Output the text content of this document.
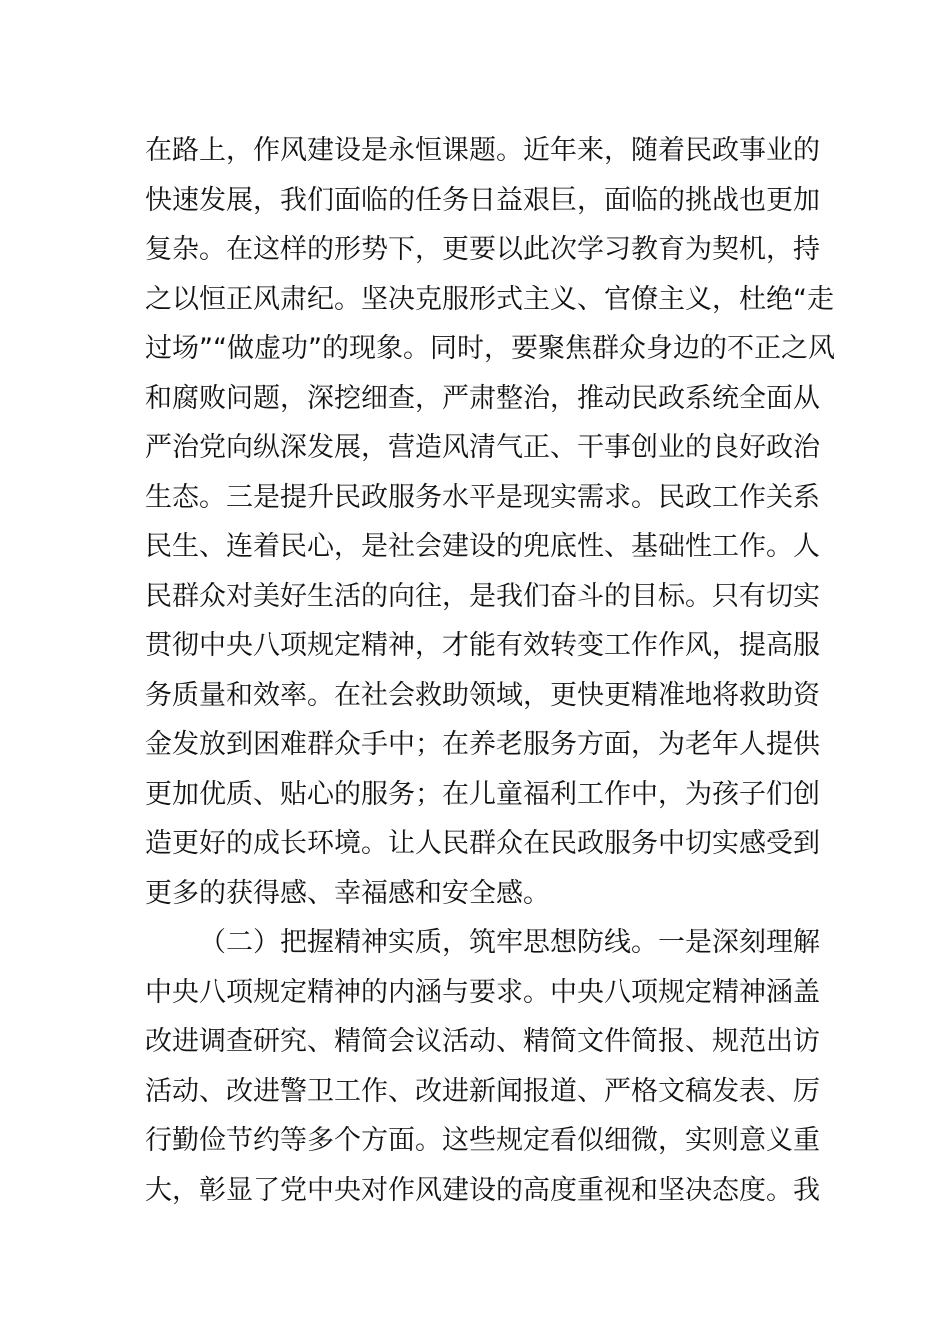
在路上，作风建设是永恒课题。近年来，随着民政事业的
快速发展，我们面临的任务日益艰巨，面临的挑战也更加
复杂。在这样的形势下，更要以此次学习教育为契机，持
之以恒正风肃纪。坚决克服形式主义、官僚主义，杜绝“走
过场”“做虚功”的现象。同时，要聚焦群众身边的不正之风
和腐败问题，深挖细查，严肃整治，推动民政系统全面从
严治党向纵深发展，营造风清气正、干事创业的良好政治
生态。三是提升民政服务水平是现实需求。民政工作关系
民生、连着民心，是社会建设的兜底性、基础性工作。人
民群众对美好生活的向往，是我们奋斗的目标。只有切实
贯彻中央八项规定精神，才能有效转变工作作风，提高服
务质量和效率。在社会救助领域，更快更精准地将救助资
金发放到困难群众手中；在养老服务方面，为老年人提供
更加优质、贴心的服务；在儿童福利工作中，为孩子们创
造更好的成长环境。让人民群众在民政服务中切实感受到
更多的获得感、幸福感和安全感。
（二）把握精神实质，筑牢思想防线。一是深刻理解
中央八项规定精神的内涵与要求。中央八项规定精神涵盖
改进调查研究、精简会议活动、精简文件简报、规范出访
活动、改进警卫工作、改进新闻报道、严格文稿发表、厉
行勤俭节约等多个方面。这些规定看似细微，实则意义重
大，彰显了党中央对作风建设的高度重视和坚决态度。我
